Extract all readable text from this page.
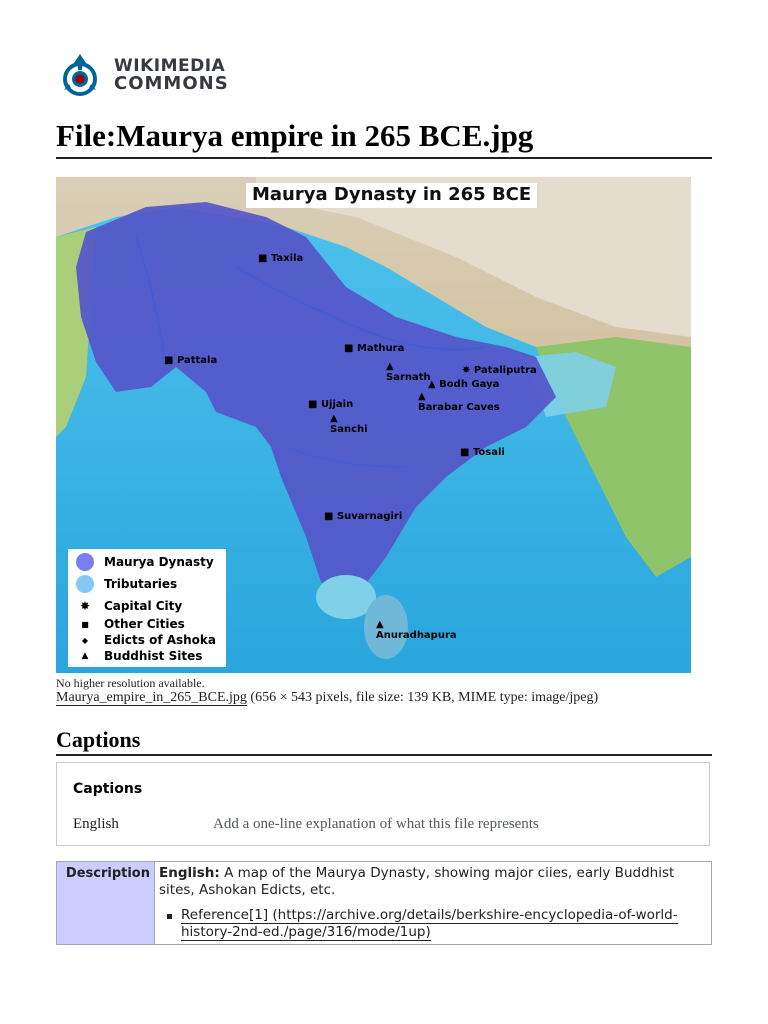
WIKIMEDIA
COMMONS
File:Maurya empire in 265 BCE.jpg
Maurya Dynasty in 265 BCE
■ Taxila
■ Mathura
■ Pattala
▲
Sarnath
✸ Pataliputra
▲ Bodh Gaya
▲
Barabar Caves
■ Ujjain
▲
Sanchi
■ Tosali
■ Suvarnagiri
▲
Anuradhapura
Maurya Dynasty
Tributaries
✸	Capital City
■	Other Cities
◆	Edicts of Ashoka
▲	Buddhist Sites
No higher resolution available.
Maurya_empire_in_265_BCE.jpg (656 × 543 pixels, file size: 139 KB, MIME type: image/jpeg)
Captions
Captions
English	Add a one-line explanation of what this file represents
Description English: A map of the Maurya Dynasty, showing major ciies, early Buddhist sites, Ashokan Edicts, etc.
Reference[1] (https://archive.org/details/berkshire-encyclopedia-of-world-history-2nd-ed./page/316/mode/1up)
